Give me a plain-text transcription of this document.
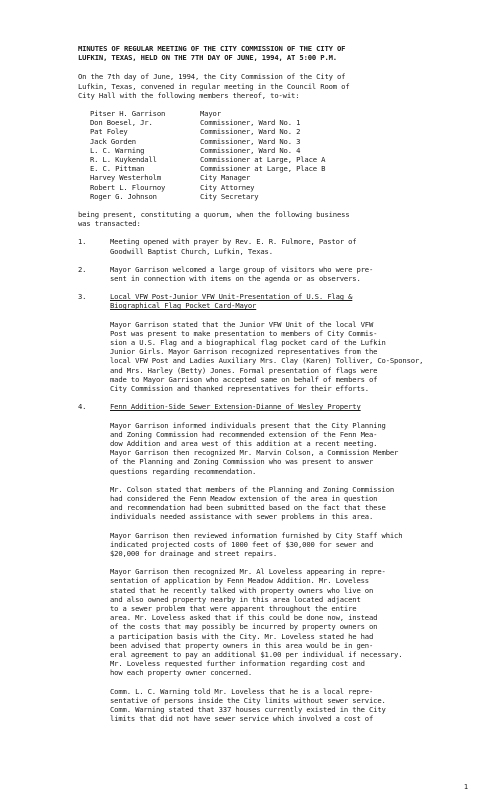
MINUTES OF REGULAR MEETING OF THE CITY COMMISSION OF THE CITY OF
LUFKIN, TEXAS, HELD ON THE 7TH DAY OF JUNE, 1994, AT 5:00 P.M.
On the 7th day of June, 1994, the City Commission of the City of
Lufkin, Texas, convened in regular meeting in the Council Room of
City Hall with the following members thereof, to-wit:
Pitser H. Garrison	Mayor
Don Boesel, Jr.	Commissioner, Ward No. 1
Pat Foley	Commissioner, Ward No. 2
Jack Gorden	Commissioner, Ward No. 3
L. C. Warning	Commissioner, Ward No. 4
R. L. Kuykendall	Commissioner at Large, Place A
E. C. Pittman	Commissioner at Large, Place B
Harvey Westerholm	City Manager
Robert L. Flournoy	City Attorney
Roger G. Johnson	City Secretary
being present, constituting a quorum, when the following business
was transacted:
1.	Meeting opened with prayer by Rev. E. R. Fulmore, Pastor of
Goodwill Baptist Church, Lufkin, Texas.
2.	Mayor Garrison welcomed a large group of visitors who were pre-
sent in connection with items on the agenda or as observers.
3.	Local VFW Post-Junior VFW Unit-Presentation of U.S. Flag &
Biographical Flag Pocket Card-Mayor
Mayor Garrison stated that the Junior VFW Unit of the local VFW
Post was present to make presentation to members of City Commis-
sion a U.S. Flag and a biographical flag pocket card of the Lufkin
Junior Girls. Mayor Garrison recognized representatives from the
local VFW Post and Ladies Auxiliary Mrs. Clay (Karen) Tolliver, Co-Sponsor,
and Mrs. Harley (Betty) Jones. Formal presentation of flags were
made to Mayor Garrison who accepted same on behalf of members of
City Commission and thanked representatives for their efforts.
4.	Fenn Addition-Side Sewer Extension-Dianne of Wesley Property
Mayor Garrison informed individuals present that the City Planning
and Zoning Commission had recommended extension of the Fenn Mea-
dow Addition and area west of this addition at a recent meeting.
Mayor Garrison then recognized Mr. Marvin Colson, a Commission Member
of the Planning and Zoning Commission who was present to answer
questions regarding recommendation.
Mr. Colson stated that members of the Planning and Zoning Commission
had considered the Fenn Meadow extension of the area in question
and recommendation had been submitted based on the fact that these
individuals needed assistance with sewer problems in this area.
Mayor Garrison then reviewed information furnished by City Staff which
indicated projected costs of 1000 feet of $30,000 for sewer and
$20,000 for drainage and street repairs.
Mayor Garrison then recognized Mr. Al Loveless appearing in repre-
sentation of application by Fenn Meadow Addition. Mr. Loveless
stated that he recently talked with property owners who live on
and also owned property nearby in this area located adjacent
to a sewer problem that were apparent throughout the entire
area. Mr. Loveless asked that if this could be done now, instead
of the costs that may possibly be incurred by property owners on
a participation basis with the City. Mr. Loveless stated he had
been advised that property owners in this area would be in gen-
eral agreement to pay an additional $1.00 per individual if necessary.
Mr. Loveless requested further information regarding cost and
how each property owner concerned.
Comm. L. C. Warning told Mr. Loveless that he is a local repre-
sentative of persons inside the City limits without sewer service.
Comm. Warning stated that 337 houses currently existed in the City
limits that did not have sewer service which involved a cost of
1
